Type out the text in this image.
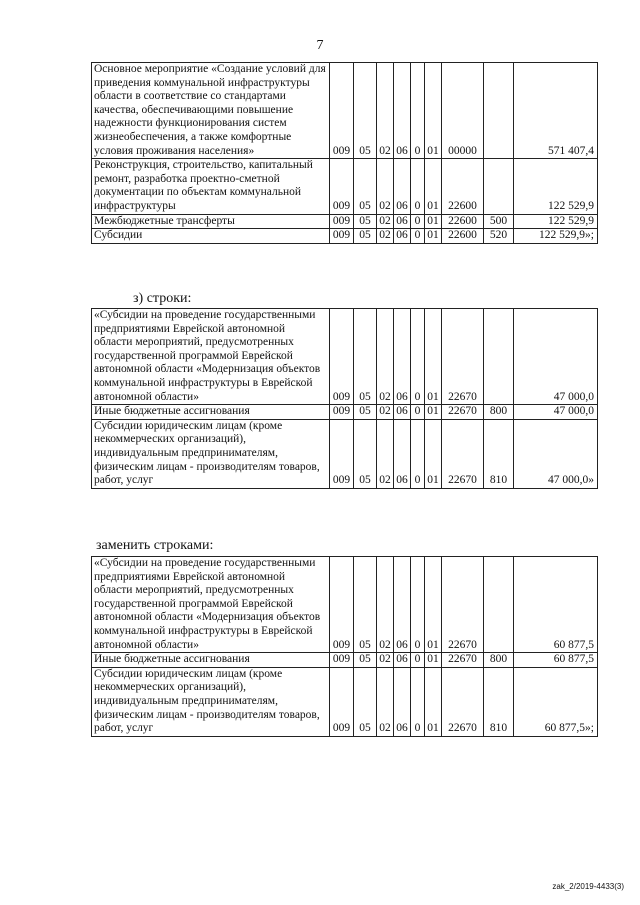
7
Основное мероприятие «Создание условий для приведения коммунальной инфраструктуры области в соответствие со стандартами качества, обеспечивающими повышение надежности функционирования систем жизнеобеспечения, а также комфортные условия проживания населения»	009	05	02	06	0	01	00000		571 407,4
Реконструкция, строительство, капитальный ремонт, разработка проектно-сметной документации по объектам коммунальной инфраструктуры	009	05	02	06	0	01	22600		122 529,9
Межбюджетные трансферты	009	05	02	06	0	01	22600	500	122 529,9
Субсидии	009	05	02	06	0	01	22600	520	122 529,9»;
з) строки:
«Субсидии на проведение государственными предприятиями Еврейской автономной области мероприятий, предусмотренных государственной программой Еврейской автономной области «Модернизация объектов коммунальной инфраструктуры в Еврейской автономной области»	009	05	02	06	0	01	22670		47 000,0
Иные бюджетные ассигнования	009	05	02	06	0	01	22670	800	47 000,0
Субсидии юридическим лицам (кроме некоммерческих организаций), индивидуальным предпринимателям, физическим лицам - производителям товаров, работ, услуг	009	05	02	06	0	01	22670	810	47 000,0»
заменить строками:
«Субсидии на проведение государственными предприятиями Еврейской автономной области мероприятий, предусмотренных государственной программой Еврейской автономной области «Модернизация объектов коммунальной инфраструктуры в Еврейской автономной области»	009	05	02	06	0	01	22670		60 877,5
Иные бюджетные ассигнования	009	05	02	06	0	01	22670	800	60 877,5
Субсидии юридическим лицам (кроме некоммерческих организаций), индивидуальным предпринимателям, физическим лицам - производителям товаров, работ, услуг	009	05	02	06	0	01	22670	810	60 877,5»;
zak_2/2019-4433(3)
